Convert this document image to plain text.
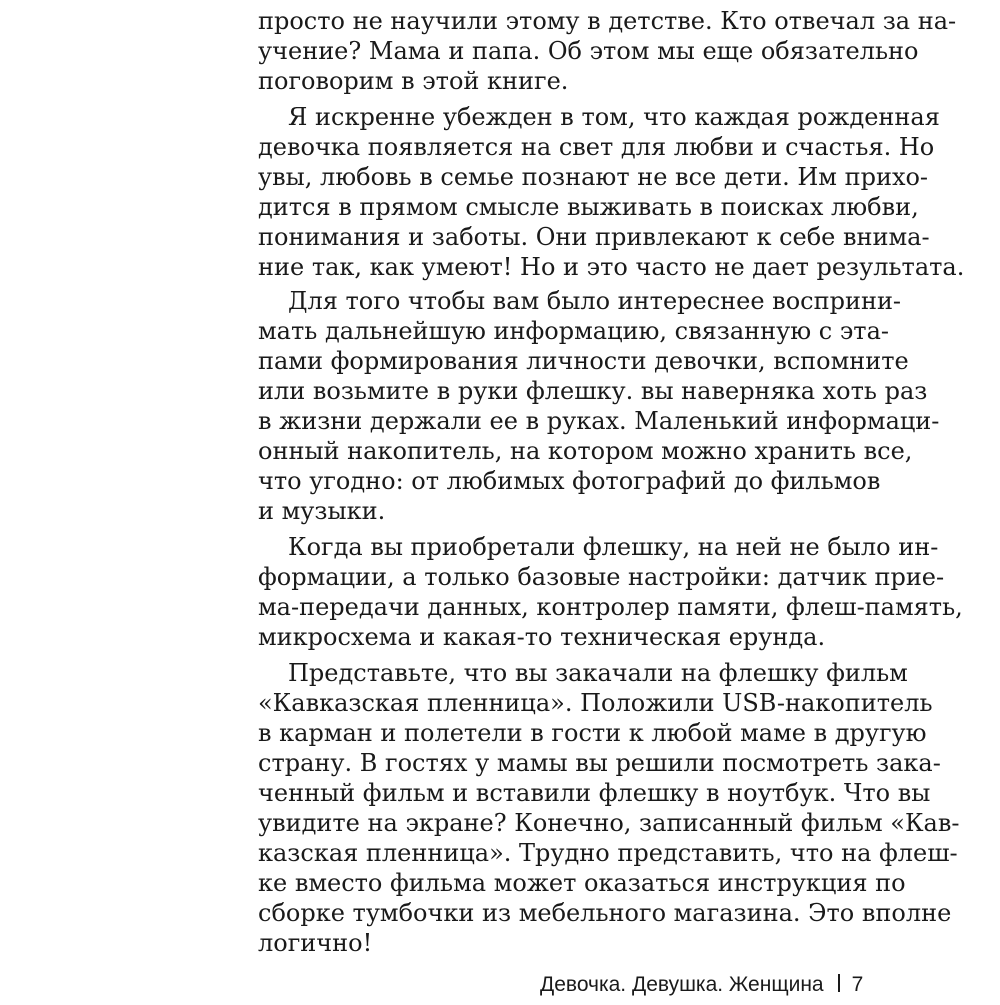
просто не научили этому в детстве. Кто отвечал за на-
учение? Мама и папа. Об этом мы еще обязательно
поговорим в этой книге.
Я искренне убежден в том, что каждая рожденная
девочка появляется на свет для любви и счастья. Но
увы, любовь в семье познают не все дети. Им прихо-
дится в прямом смысле выживать в поисках любви,
понимания и заботы. Они привлекают к себе внима-
ние так, как умеют! Но и это часто не дает результата.
Для того чтобы вам было интереснее восприни-
мать дальнейшую информацию, связанную с эта-
пами формирования личности девочки, вспомните
или возьмите в руки флешку. вы наверняка хоть раз
в жизни держали ее в руках. Маленький информаци-
онный накопитель, на котором можно хранить все,
что угодно: от любимых фотографий до фильмов
и музыки.
Когда вы приобретали флешку, на ней не было ин-
формации, а только базовые настройки: датчик прие-
ма-передачи данных, контролер памяти, флеш-память,
микросхема и какая-то техническая ерунда.
Представьте, что вы закачали на флешку фильм
«Кавказская пленница». Положили USB-накопитель
в карман и полетели в гости к любой маме в другую
страну. В гостях у мамы вы решили посмотреть зака-
ченный фильм и вставили флешку в ноутбук. Что вы
увидите на экране? Конечно, записанный фильм «Кав-
казская пленница». Трудно представить, что на флеш-
ке вместо фильма может оказаться инструкция по
сборке тумбочки из мебельного магазина. Это вполне
логично!
Девочка. Девушка. Женщина 7
